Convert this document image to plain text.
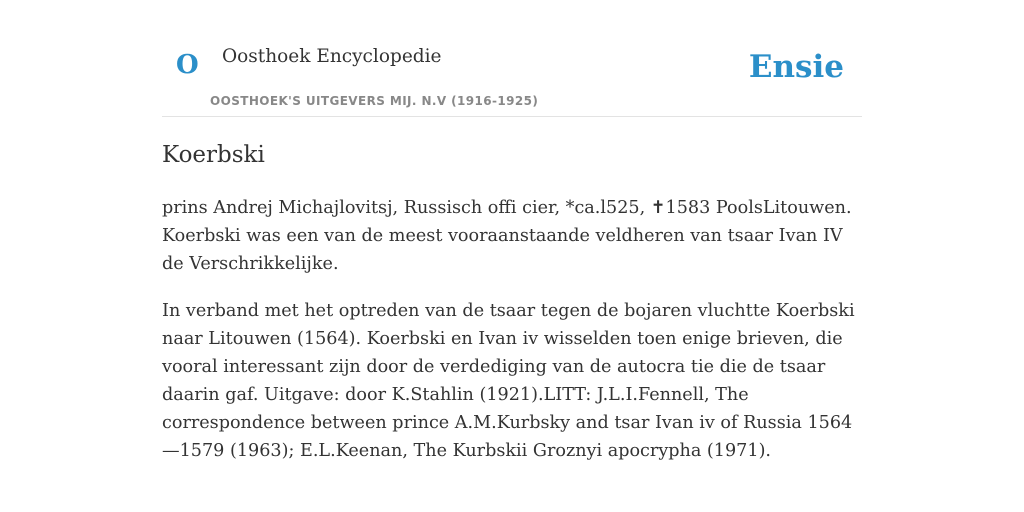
O Oosthoek Encyclopedie
OOSTHOEK'S UITGEVERS MIJ. N.V (1916-1925)
Ensie
Koerbski

prins Andrej Michajlovitsj, Russisch offi cier, *ca.l525, ✝1583 PoolsLitouwen. Koerbski was een van de meest vooraanstaande veldheren van tsaar Ivan IV de Verschrikkelijke.

In verband met het optreden van de tsaar tegen de bojaren vluchtte Koerbski naar Litouwen (1564). Koerbski en Ivan iv wisselden toen enige brieven, die vooral interessant zijn door de verdediging van de autocra tie die de tsaar daarin gaf. Uitgave: door K.Stahlin (1921).LITT: J.L.I.Fennell, The correspondence between prince A.M.Kurbsky and tsar Ivan iv of Russia 1564—1579 (1963); E.L.Keenan, The Kurbskii Groznyi apocrypha (1971).
